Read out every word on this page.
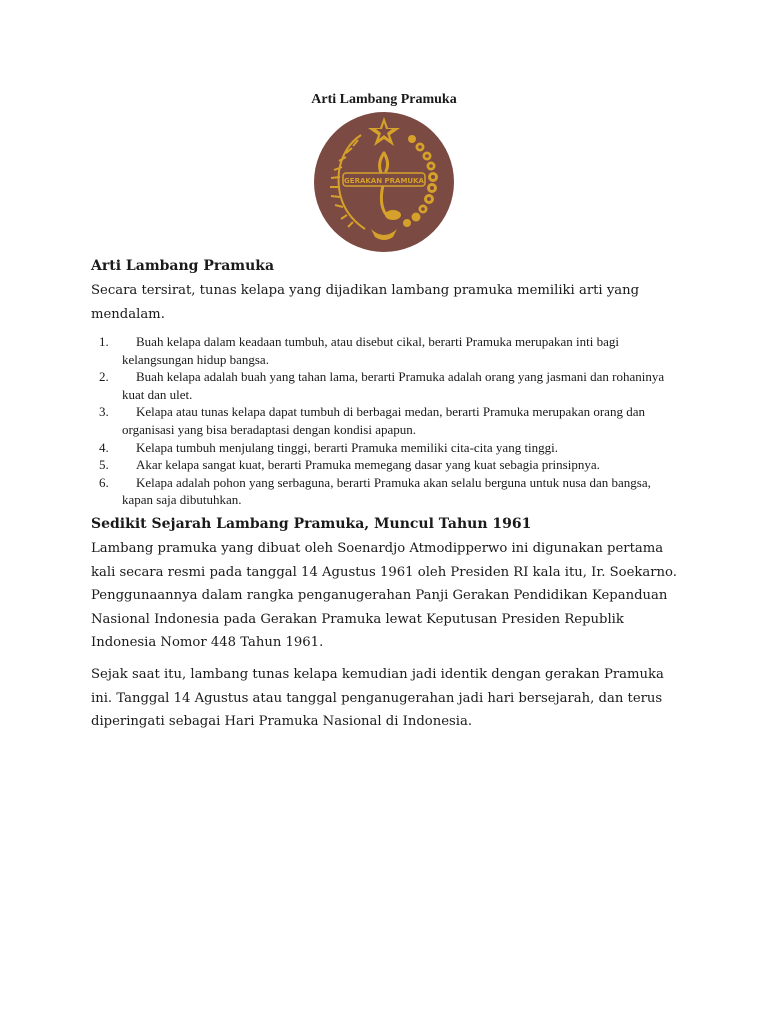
Arti Lambang Pramuka
GERAKAN PRAMUKA
Arti Lambang Pramuka
Secara tersirat, tunas kelapa yang dijadikan lambang pramuka memiliki arti yang mendalam.
1.	Buah kelapa dalam keadaan tumbuh, atau disebut cikal, berarti Pramuka merupakan inti bagi kelangsungan hidup bangsa.
2.	Buah kelapa adalah buah yang tahan lama, berarti Pramuka adalah orang yang jasmani dan rohaninya kuat dan ulet.
3.	Kelapa atau tunas kelapa dapat tumbuh di berbagai medan, berarti Pramuka merupakan orang dan organisasi yang bisa beradaptasi dengan kondisi apapun.
4.	Kelapa tumbuh menjulang tinggi, berarti Pramuka memiliki cita-cita yang tinggi.
5.	Akar kelapa sangat kuat, berarti Pramuka memegang dasar yang kuat sebagia prinsipnya.
6.	Kelapa adalah pohon yang serbaguna, berarti Pramuka akan selalu berguna untuk nusa dan bangsa, kapan saja dibutuhkan.
Sedikit Sejarah Lambang Pramuka, Muncul Tahun 1961
Lambang pramuka yang dibuat oleh Soenardjo Atmodipperwo ini digunakan pertama kali secara resmi pada tanggal 14 Agustus 1961 oleh Presiden RI kala itu, Ir. Soekarno. Penggunaannya dalam rangka penganugerahan Panji Gerakan Pendidikan Kepanduan Nasional Indonesia pada Gerakan Pramuka lewat Keputusan Presiden Republik Indonesia Nomor 448 Tahun 1961.
Sejak saat itu, lambang tunas kelapa kemudian jadi identik dengan gerakan Pramuka ini. Tanggal 14 Agustus atau tanggal penganugerahan jadi hari bersejarah, dan terus diperingati sebagai Hari Pramuka Nasional di Indonesia.
